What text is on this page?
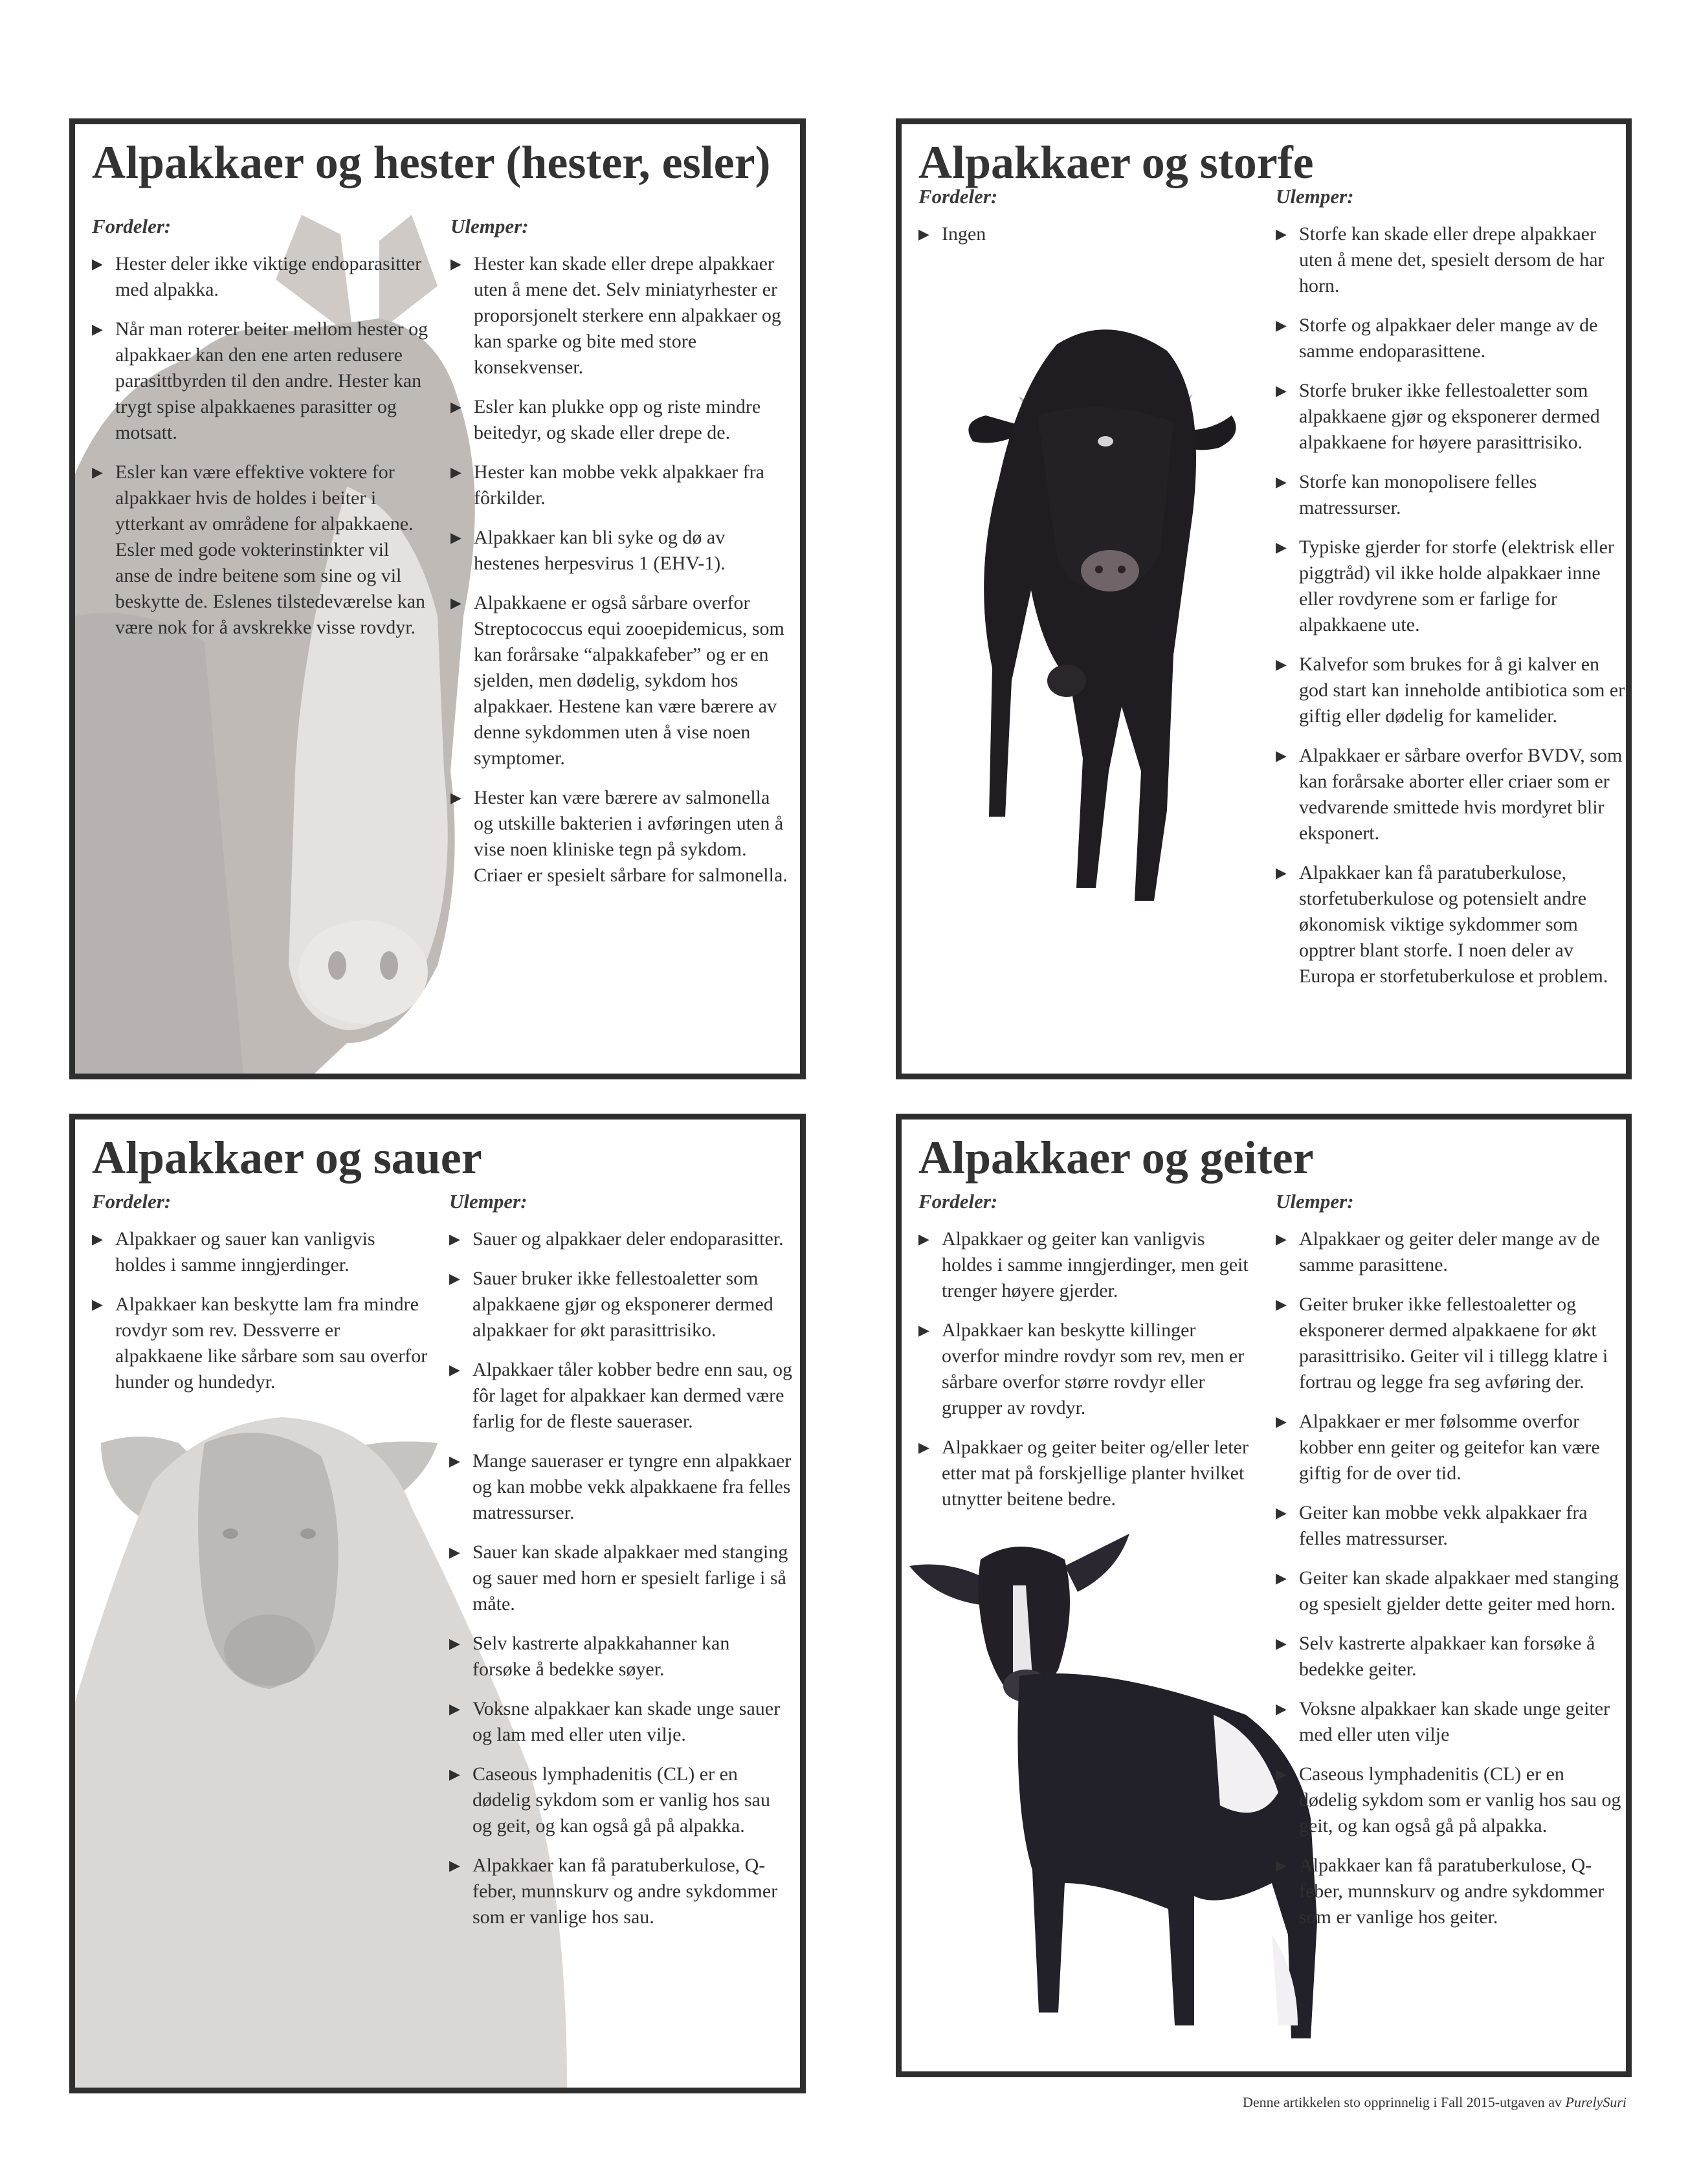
Alpakkaer og hester (hester, esler)
Fordeler:
▶ Hester deler ikke viktige endoparasitter med alpakka.
▶ Når man roterer beiter mellom hester og alpakkaer kan den ene arten redusere parasittbyrden til den andre. Hester kan trygt spise alpakkaenes parasitter og motsatt.
▶ Esler kan være effektive voktere for alpakkaer hvis de holdes i beiter i ytterkant av områdene for alpakkaene. Esler med gode vokterinstinkter vil anse de indre beitene som sine og vil beskytte de. Eslenes tilstedeværelse kan være nok for å avskrekke visse rovdyr.
Ulemper:
▶ Hester kan skade eller drepe alpakkaer uten å mene det. Selv miniatyrhester er proporsjonelt sterkere enn alpakkaer og kan sparke og bite med store konsekvenser.
▶ Esler kan plukke opp og riste mindre beitedyr, og skade eller drepe de.
▶ Hester kan mobbe vekk alpakkaer fra fôrkilder.
▶ Alpakkaer kan bli syke og dø av hestenes herpesvirus 1 (EHV-1).
▶ Alpakkaene er også sårbare overfor Streptococcus equi zooepidemicus, som kan forårsake “alpakkafeber” og er en sjelden, men dødelig, sykdom hos alpakkaer. Hestene kan være bærere av denne sykdommen uten å vise noen symptomer.
▶ Hester kan være bærere av salmonella og utskille bakterien i avføringen uten å vise noen kliniske tegn på sykdom. Criaer er spesielt sårbare for salmonella.
Alpakkaer og storfe
Fordeler:
▶ Ingen
Ulemper:
▶ Storfe kan skade eller drepe alpakkaer uten å mene det, spesielt dersom de har horn.
▶ Storfe og alpakkaer deler mange av de samme endoparasittene.
▶ Storfe bruker ikke fellestoaletter som alpakkaene gjør og eksponerer dermed alpakkaene for høyere parasittrisiko.
▶ Storfe kan monopolisere felles matressurser.
▶ Typiske gjerder for storfe (elektrisk eller piggtråd) vil ikke holde alpakkaer inne eller rovdyrene som er farlige for alpakkaene ute.
▶ Kalvefor som brukes for å gi kalver en god start kan inneholde antibiotica som er giftig eller dødelig for kamelider.
▶ Alpakkaer er sårbare overfor BVDV, som kan forårsake aborter eller criaer som er vedvarende smittede hvis mordyret blir eksponert.
▶ Alpakkaer kan få paratuberkulose, storfetuberkulose og potensielt andre økonomisk viktige sykdommer som opptrer blant storfe. I noen deler av Europa er storfetuberkulose et problem.
Alpakkaer og sauer
Fordeler:
▶ Alpakkaer og sauer kan vanligvis holdes i samme inngjerdinger.
▶ Alpakkaer kan beskytte lam fra mindre rovdyr som rev. Dessverre er alpakkaene like sårbare som sau overfor hunder og hundedyr.
Ulemper:
▶ Sauer og alpakkaer deler endoparasitter.
▶ Sauer bruker ikke fellestoaletter som alpakkaene gjør og eksponerer dermed alpakkaer for økt parasittrisiko.
▶ Alpakkaer tåler kobber bedre enn sau, og fôr laget for alpakkaer kan dermed være farlig for de fleste saueraser.
▶ Mange saueraser er tyngre enn alpakkaer og kan mobbe vekk alpakkaene fra felles matressurser.
▶ Sauer kan skade alpakkaer med stanging og sauer med horn er spesielt farlige i så måte.
▶ Selv kastrerte alpakkahanner kan forsøke å bedekke søyer.
▶ Voksne alpakkaer kan skade unge sauer og lam med eller uten vilje.
▶ Caseous lymphadenitis (CL) er en dødelig sykdom som er vanlig hos sau og geit, og kan også gå på alpakka.
▶ Alpakkaer kan få paratuberkulose, Q-feber, munnskurv og andre sykdommer som er vanlige hos sau.
Alpakkaer og geiter
Fordeler:
▶ Alpakkaer og geiter kan vanligvis holdes i samme inngjerdinger, men geit trenger høyere gjerder.
▶ Alpakkaer kan beskytte killinger overfor mindre rovdyr som rev, men er sårbare overfor større rovdyr eller grupper av rovdyr.
▶ Alpakkaer og geiter beiter og/eller leter etter mat på forskjellige planter hvilket utnytter beitene bedre.
Ulemper:
▶ Alpakkaer og geiter deler mange av de samme parasittene.
▶ Geiter bruker ikke fellestoaletter og eksponerer dermed alpakkaene for økt parasittrisiko. Geiter vil i tillegg klatre i fortrau og legge fra seg avføring der.
▶ Alpakkaer er mer følsomme overfor kobber enn geiter og geitefor kan være giftig for de over tid.
▶ Geiter kan mobbe vekk alpakkaer fra felles matressurser.
▶ Geiter kan skade alpakkaer med stanging og spesielt gjelder dette geiter med horn.
▶ Selv kastrerte alpakkaer kan forsøke å bedekke geiter.
▶ Voksne alpakkaer kan skade unge geiter med eller uten vilje
▶ Caseous lymphadenitis (CL) er en dødelig sykdom som er vanlig hos sau og geit, og kan også gå på alpakka.
▶ Alpakkaer kan få paratuberkulose, Q-feber, munnskurv og andre sykdommer som er vanlige hos geiter.
Denne artikkelen sto opprinnelig i Fall 2015-utgaven av PurelySuri
